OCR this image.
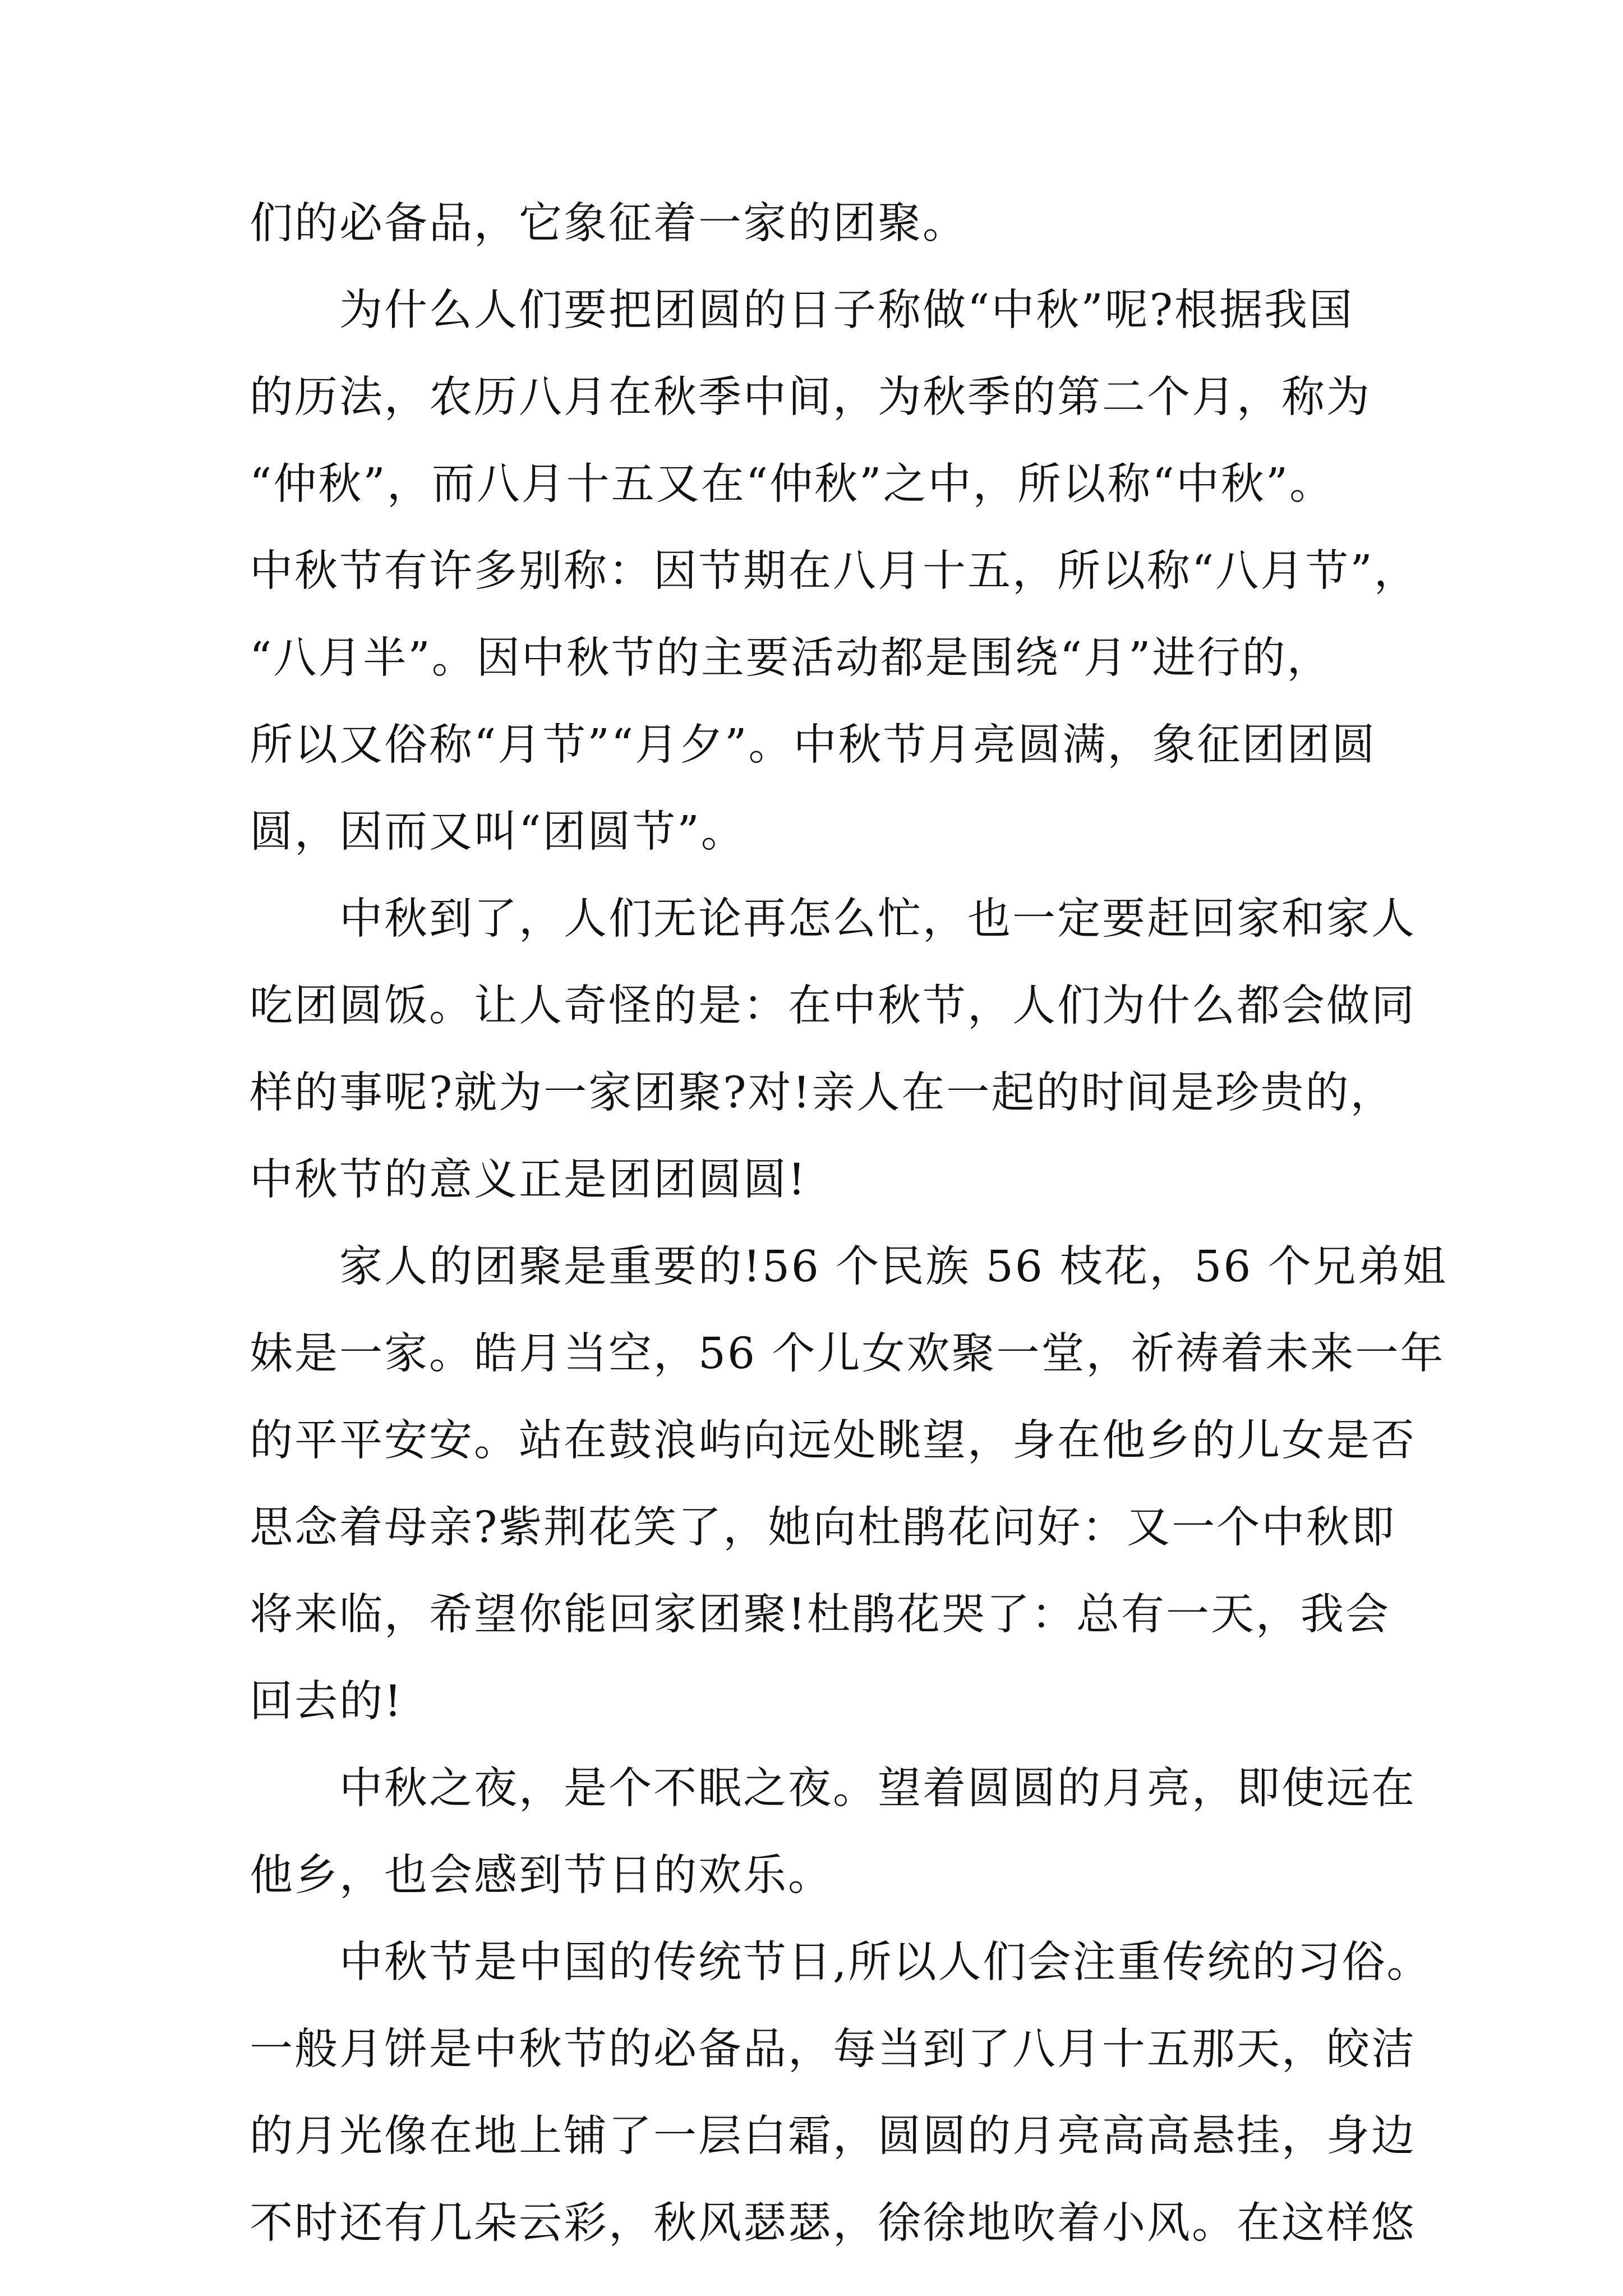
们的必备品，它象征着一家的团聚。
为什么人们要把团圆的日子称做“中秋”呢?根据我国
的历法，农历八月在秋季中间，为秋季的第二个月，称为
“仲秋”，而八月十五又在“仲秋”之中，所以称“中秋”。
中秋节有许多别称：因节期在八月十五，所以称“八月节”，
“八月半”。因中秋节的主要活动都是围绕“月”进行的，
所以又俗称“月节”“月夕”。中秋节月亮圆满，象征团团圆
圆，因而又叫“团圆节”。
中秋到了，人们无论再怎么忙，也一定要赶回家和家人
吃团圆饭。让人奇怪的是：在中秋节，人们为什么都会做同
样的事呢?就为一家团聚?对!亲人在一起的时间是珍贵的，
中秋节的意义正是团团圆圆!
家人的团聚是重要的!56 个民族 56 枝花，56 个兄弟姐
妹是一家。皓月当空，56 个儿女欢聚一堂，祈祷着未来一年
的平平安安。站在鼓浪屿向远处眺望，身在他乡的儿女是否
思念着母亲?紫荆花笑了，她向杜鹃花问好：又一个中秋即
将来临，希望你能回家团聚!杜鹃花哭了：总有一天，我会
回去的!
中秋之夜，是个不眠之夜。望着圆圆的月亮，即使远在
他乡，也会感到节日的欢乐。
中秋节是中国的传统节日,所以人们会注重传统的习俗。
一般月饼是中秋节的必备品，每当到了八月十五那天，皎洁
的月光像在地上铺了一层白霜，圆圆的月亮高高悬挂，身边
不时还有几朵云彩，秋风瑟瑟，徐徐地吹着小风。在这样悠
